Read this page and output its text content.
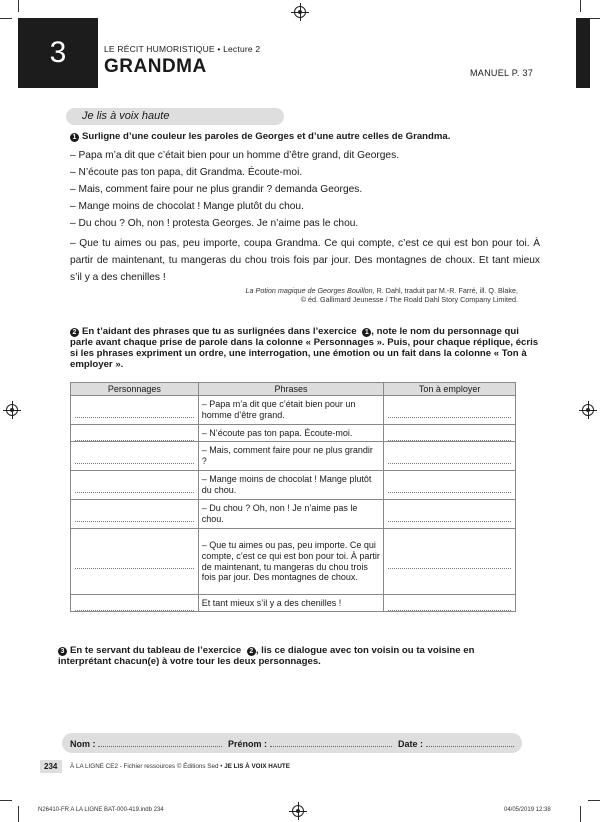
3	LE RÉCIT HUMORISTIQUE • Lecture 2
GRANDMA	MANUEL P. 37
Je lis à voix haute
1 Surligne d’une couleur les paroles de Georges et d’une autre celles de Grandma.
– Papa m’a dit que c’était bien pour un homme d’être grand, dit Georges.
– N’écoute pas ton papa, dit Grandma. Écoute-moi.
– Mais, comment faire pour ne plus grandir ? demanda Georges.
– Mange moins de chocolat ! Mange plutôt du chou.
– Du chou ? Oh, non ! protesta Georges. Je n’aime pas le chou.
– Que tu aimes ou pas, peu importe, coupa Grandma. Ce qui compte, c’est ce qui est bon pour toi. À partir de maintenant, tu mangeras du chou trois fois par jour. Des montagnes de choux. Et tant mieux s’il y a des chenilles !
La Potion magique de Georges Bouillon, R. Dahl, traduit par M.-R. Farré, ill. Q. Blake,
© éd. Gallimard Jeunesse / The Roald Dahl Story Company Limited.
2 En t’aidant des phrases que tu as surlignées dans l’exercice 1 , note le nom du personnage qui parle avant chaque prise de parole dans la colonne « Personnages ». Puis, pour chaque réplique, écris si les phrases expriment un ordre, une interrogation, une émotion ou un fait dans la colonne « Ton à employer ».
Personnages	Phrases	Ton à employer

	– Papa m’a dit que c’était bien pour un homme d’être grand.	

	– N’écoute pas ton papa. Écoute-moi.	

	– Mais, comment faire pour ne plus grandir ?	

	– Mange moins de chocolat ! Mange plutôt du chou.	

	– Du chou ? Oh, non ! Je n’aime pas le chou.	

	– Que tu aimes ou pas, peu importe. Ce qui compte, c’est ce qui est bon pour toi. À partir de maintenant, tu mangeras du chou trois fois par jour. Des montagnes de choux.	

	Et tant mieux s’il y a des chenilles !	
3 En te servant du tableau de l’exercice 2 , lis ce dialogue avec ton voisin ou ta voisine en interprétant chacun(e) à votre tour les deux personnages.
Nom :	Prénom :	Date :
234 À LA LIGNE CE2 - Fichier ressources © Éditions Sed • JE LIS À VOIX HAUTE
N26410-FR A LA LIGNE BAT-000-419.indb 234	04/05/2019 12:38
